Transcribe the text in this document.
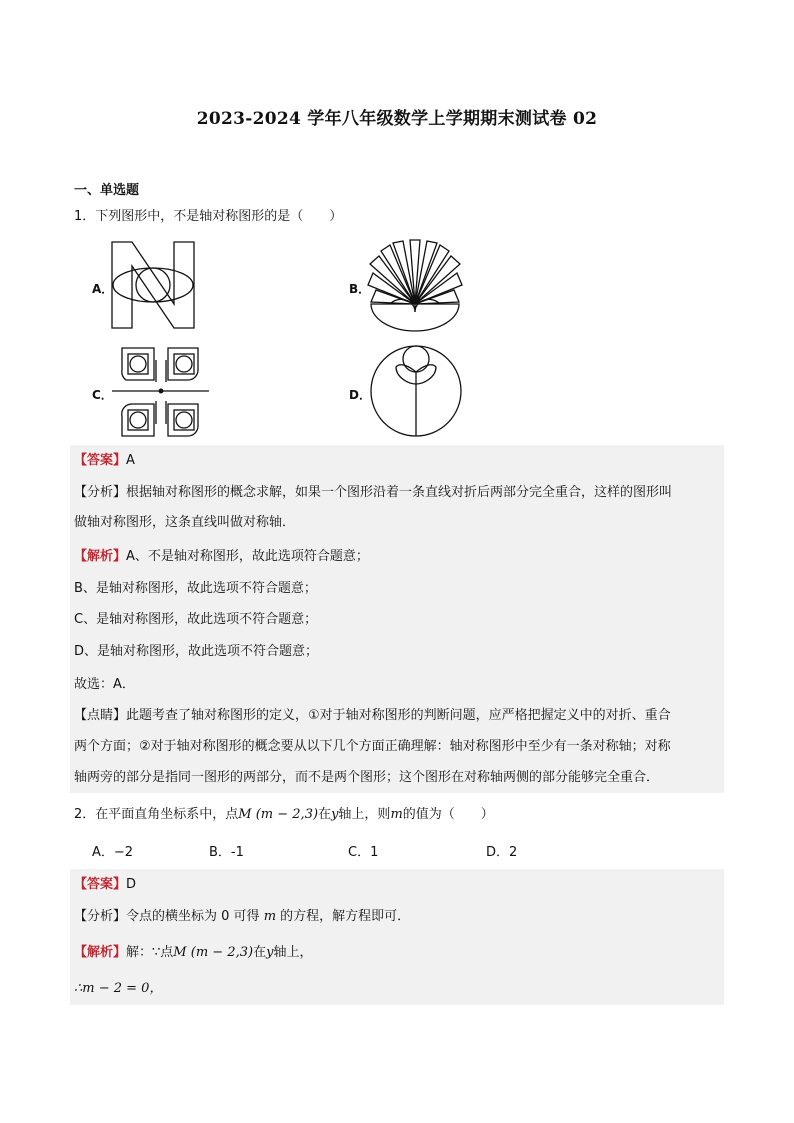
2023-2024 学年八年级数学上学期期末测试卷 02
一、单选题
1．下列图形中，不是轴对称图形的是（　　）
A．	B．
C．	D．
【答案】A
【分析】根据轴对称图形的概念求解，如果一个图形沿着一条直线对折后两部分完全重合，这样的图形叫
做轴对称图形，这条直线叫做对称轴．
【解析】A、不是轴对称图形，故此选项符合题意；
B、是轴对称图形，故此选项不符合题意；
C、是轴对称图形，故此选项不符合题意；
D、是轴对称图形，故此选项不符合题意；
故选：A．
【点睛】此题考查了轴对称图形的定义，①对于轴对称图形的判断问题，应严格把握定义中的对折、重合
两个方面；②对于轴对称图形的概念要从以下几个方面正确理解：轴对称图形中至少有一条对称轴；对称
轴两旁的部分是指同一图形的两部分，而不是两个图形；这个图形在对称轴两侧的部分能够完全重合．
2．在平面直角坐标系中，点M (m − 2,3)在y轴上，则m的值为（　　）
A．−2	B．-1	C．1	D．2
【答案】D
【分析】令点的横坐标为 0 可得 m 的方程，解方程即可．
【解析】解：∵点M (m − 2,3)在y轴上，
∴m − 2 = 0，
